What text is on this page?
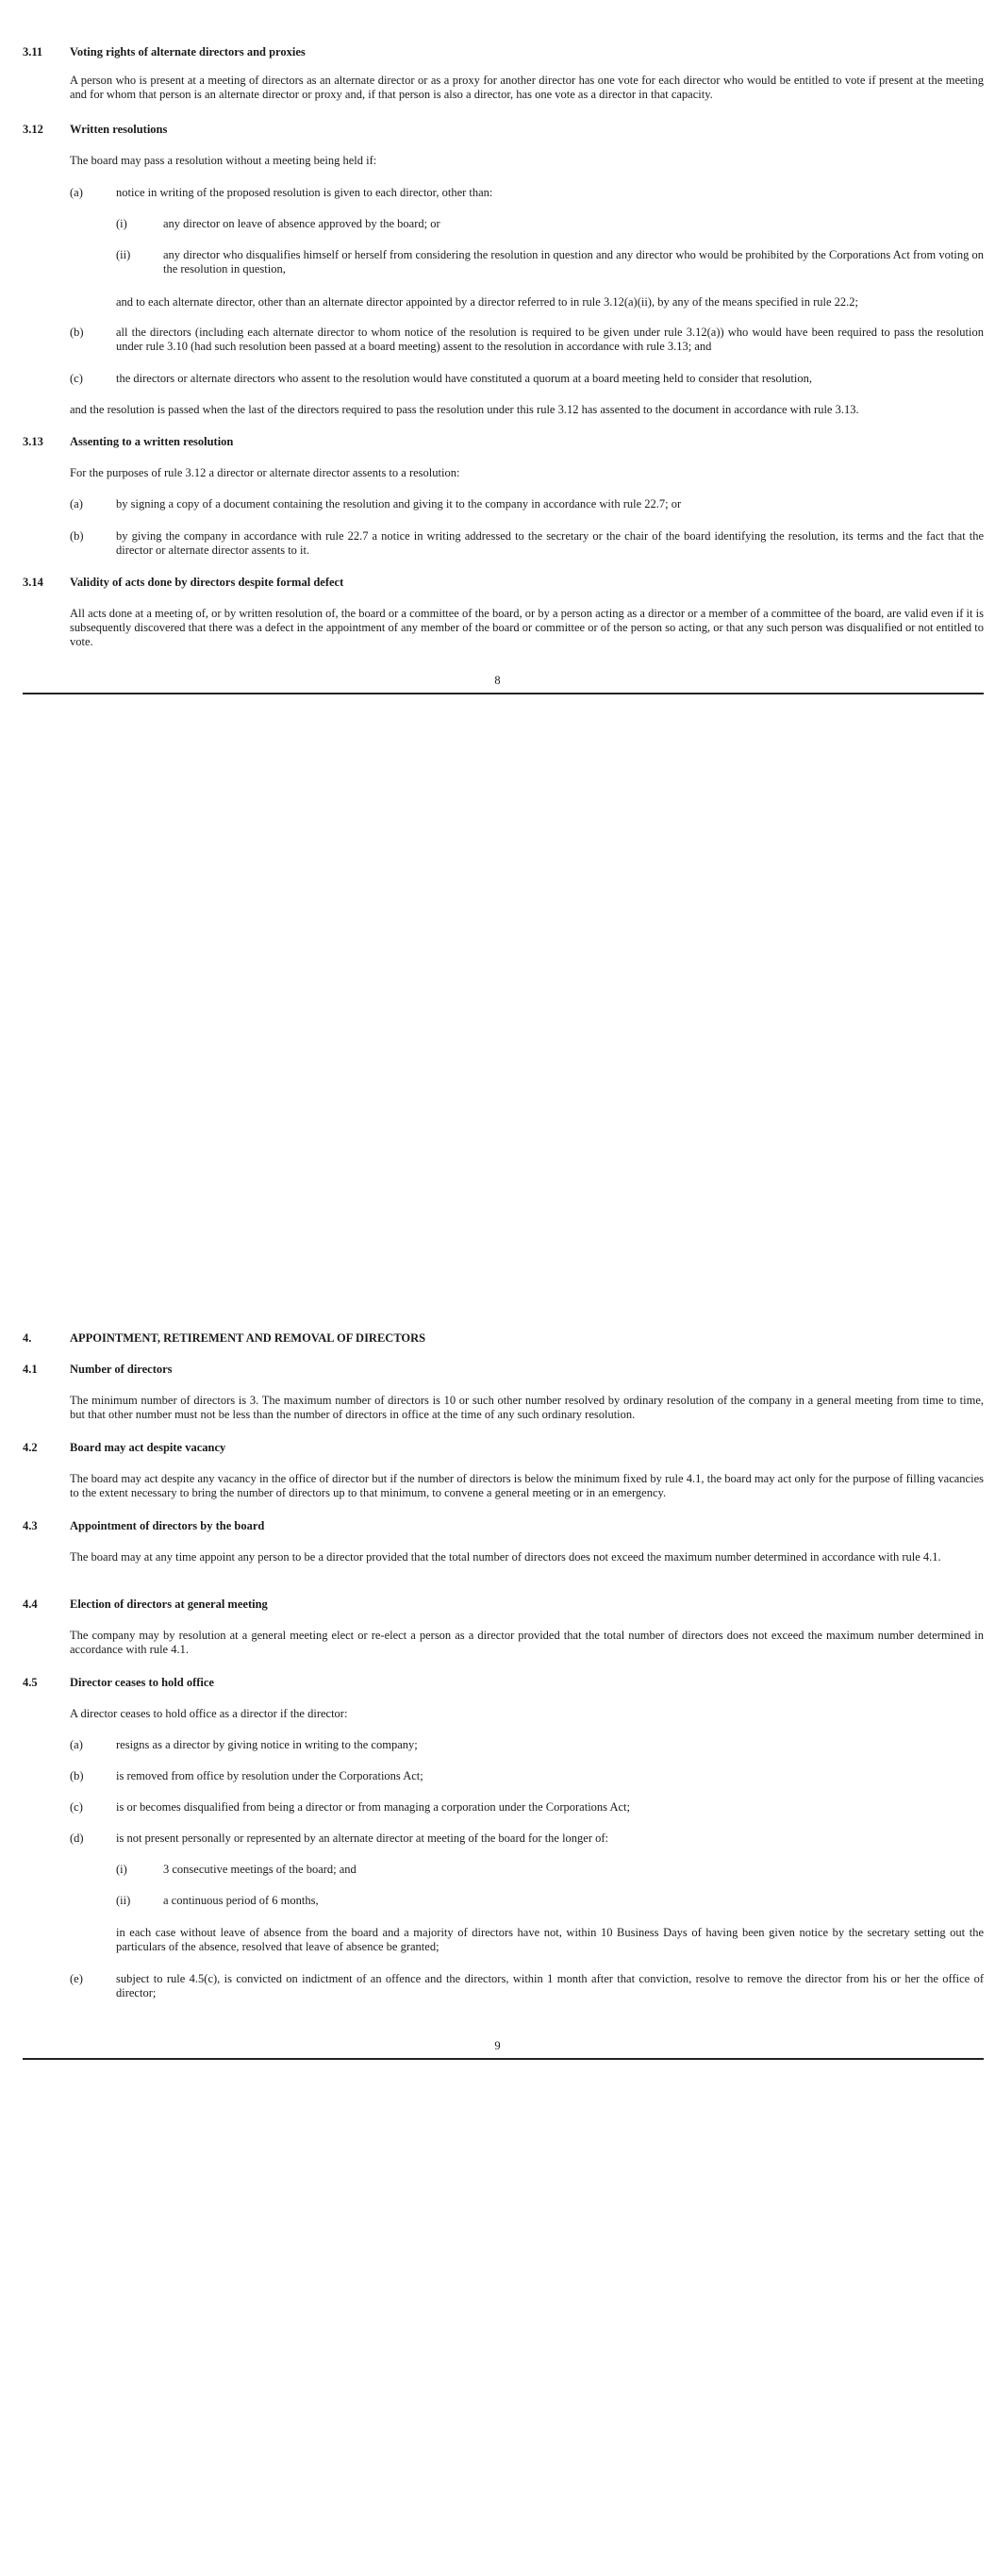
3.11 Voting rights of alternate directors and proxies
A person who is present at a meeting of directors as an alternate director or as a proxy for another director has one vote for each director who would be entitled to vote if present at the meeting and for whom that person is an alternate director or proxy and, if that person is also a director, has one vote as a director in that capacity.
3.12 Written resolutions
The board may pass a resolution without a meeting being held if:
(a)	notice in writing of the proposed resolution is given to each director, other than:
(i)	any director on leave of absence approved by the board; or
(ii)	any director who disqualifies himself or herself from considering the resolution in question and any director who would be prohibited by the Corporations Act from voting on the resolution in question,
and to each alternate director, other than an alternate director appointed by a director referred to in rule 3.12(a)(ii), by any of the means specified in rule 22.2;
(b)	all the directors (including each alternate director to whom notice of the resolution is required to be given under rule 3.12(a)) who would have been required to pass the resolution under rule 3.10 (had such resolution been passed at a board meeting) assent to the resolution in accordance with rule 3.13; and
(c)	the directors or alternate directors who assent to the resolution would have constituted a quorum at a board meeting held to consider that resolution,
and the resolution is passed when the last of the directors required to pass the resolution under this rule 3.12 has assented to the document in accordance with rule 3.13.
3.13 Assenting to a written resolution
For the purposes of rule 3.12 a director or alternate director assents to a resolution:
(a)	by signing a copy of a document containing the resolution and giving it to the company in accordance with rule 22.7; or
(b)	by giving the company in accordance with rule 22.7 a notice in writing addressed to the secretary or the chair of the board identifying the resolution, its terms and the fact that the director or alternate director assents to it.
3.14 Validity of acts done by directors despite formal defect
All acts done at a meeting of, or by written resolution of, the board or a committee of the board, or by a person acting as a director or a member of a committee of the board, are valid even if it is subsequently discovered that there was a defect in the appointment of any member of the board or committee or of the person so acting, or that any such person was disqualified or not entitled to vote.
8
4.	APPOINTMENT, RETIREMENT AND REMOVAL OF DIRECTORS
4.1	Number of directors
The minimum number of directors is 3. The maximum number of directors is 10 or such other number resolved by ordinary resolution of the company in a general meeting from time to time, but that other number must not be less than the number of directors in office at the time of any such ordinary resolution.
4.2	Board may act despite vacancy
The board may act despite any vacancy in the office of director but if the number of directors is below the minimum fixed by rule 4.1, the board may act only for the purpose of filling vacancies to the extent necessary to bring the number of directors up to that minimum, to convene a general meeting or in an emergency.
4.3	Appointment of directors by the board
The board may at any time appoint any person to be a director provided that the total number of directors does not exceed the maximum number determined in accordance with rule 4.1.
4.4	Election of directors at general meeting
The company may by resolution at a general meeting elect or re-elect a person as a director provided that the total number of directors does not exceed the maximum number determined in accordance with rule 4.1.
4.5	Director ceases to hold office
A director ceases to hold office as a director if the director:
(a)	resigns as a director by giving notice in writing to the company;
(b)	is removed from office by resolution under the Corporations Act;
(c)	is or becomes disqualified from being a director or from managing a corporation under the Corporations Act;
(d)	is not present personally or represented by an alternate director at meeting of the board for the longer of:
(i)	3 consecutive meetings of the board; and
(ii)	a continuous period of 6 months,
in each case without leave of absence from the board and a majority of directors have not, within 10 Business Days of having been given notice by the secretary setting out the particulars of the absence, resolved that leave of absence be granted;
(e)	subject to rule 4.5(c), is convicted on indictment of an offence and the directors, within 1 month after that conviction, resolve to remove the director from his or her the office of director;
9
